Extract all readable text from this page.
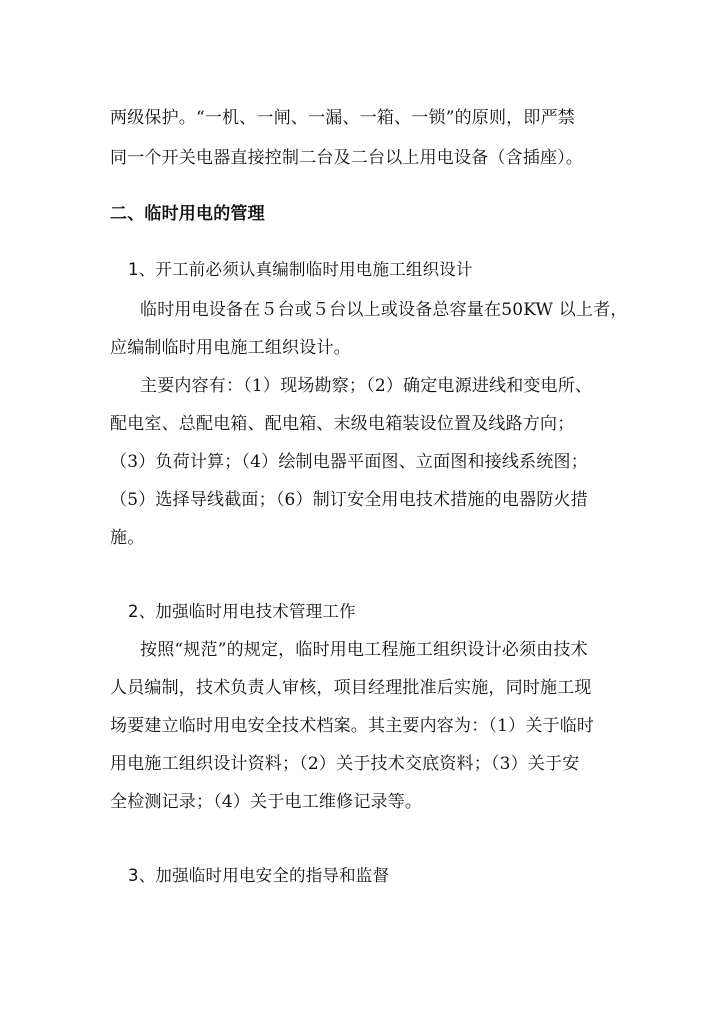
两级保护。“一机、一闸、一漏、一箱、一锁”的原则，即严禁
同一个开关电器直接控制二台及二台以上用电设备（含插座）。
二、临时用电的管理
1、开工前必须认真编制临时用电施工组织设计
临时用电设备在５台或５台以上或设备总容量在50KW 以上者，
应编制临时用电施工组织设计。
主要内容有：（1）现场勘察；（2）确定电源进线和变电所、
配电室、总配电箱、配电箱、末级电箱装设位置及线路方向；
（3）负荷计算；（4）绘制电器平面图、立面图和接线系统图；
（5）选择导线截面；（6）制订安全用电技术措施的电器防火措
施。
2、加强临时用电技术管理工作
按照“规范”的规定，临时用电工程施工组织设计必须由技术
人员编制，技术负责人审核，项目经理批准后实施，同时施工现
场要建立临时用电安全技术档案。其主要内容为：（1）关于临时
用电施工组织设计资料；（2）关于技术交底资料；（3）关于安
全检测记录；（4）关于电工维修记录等。
3、加强临时用电安全的指导和监督
